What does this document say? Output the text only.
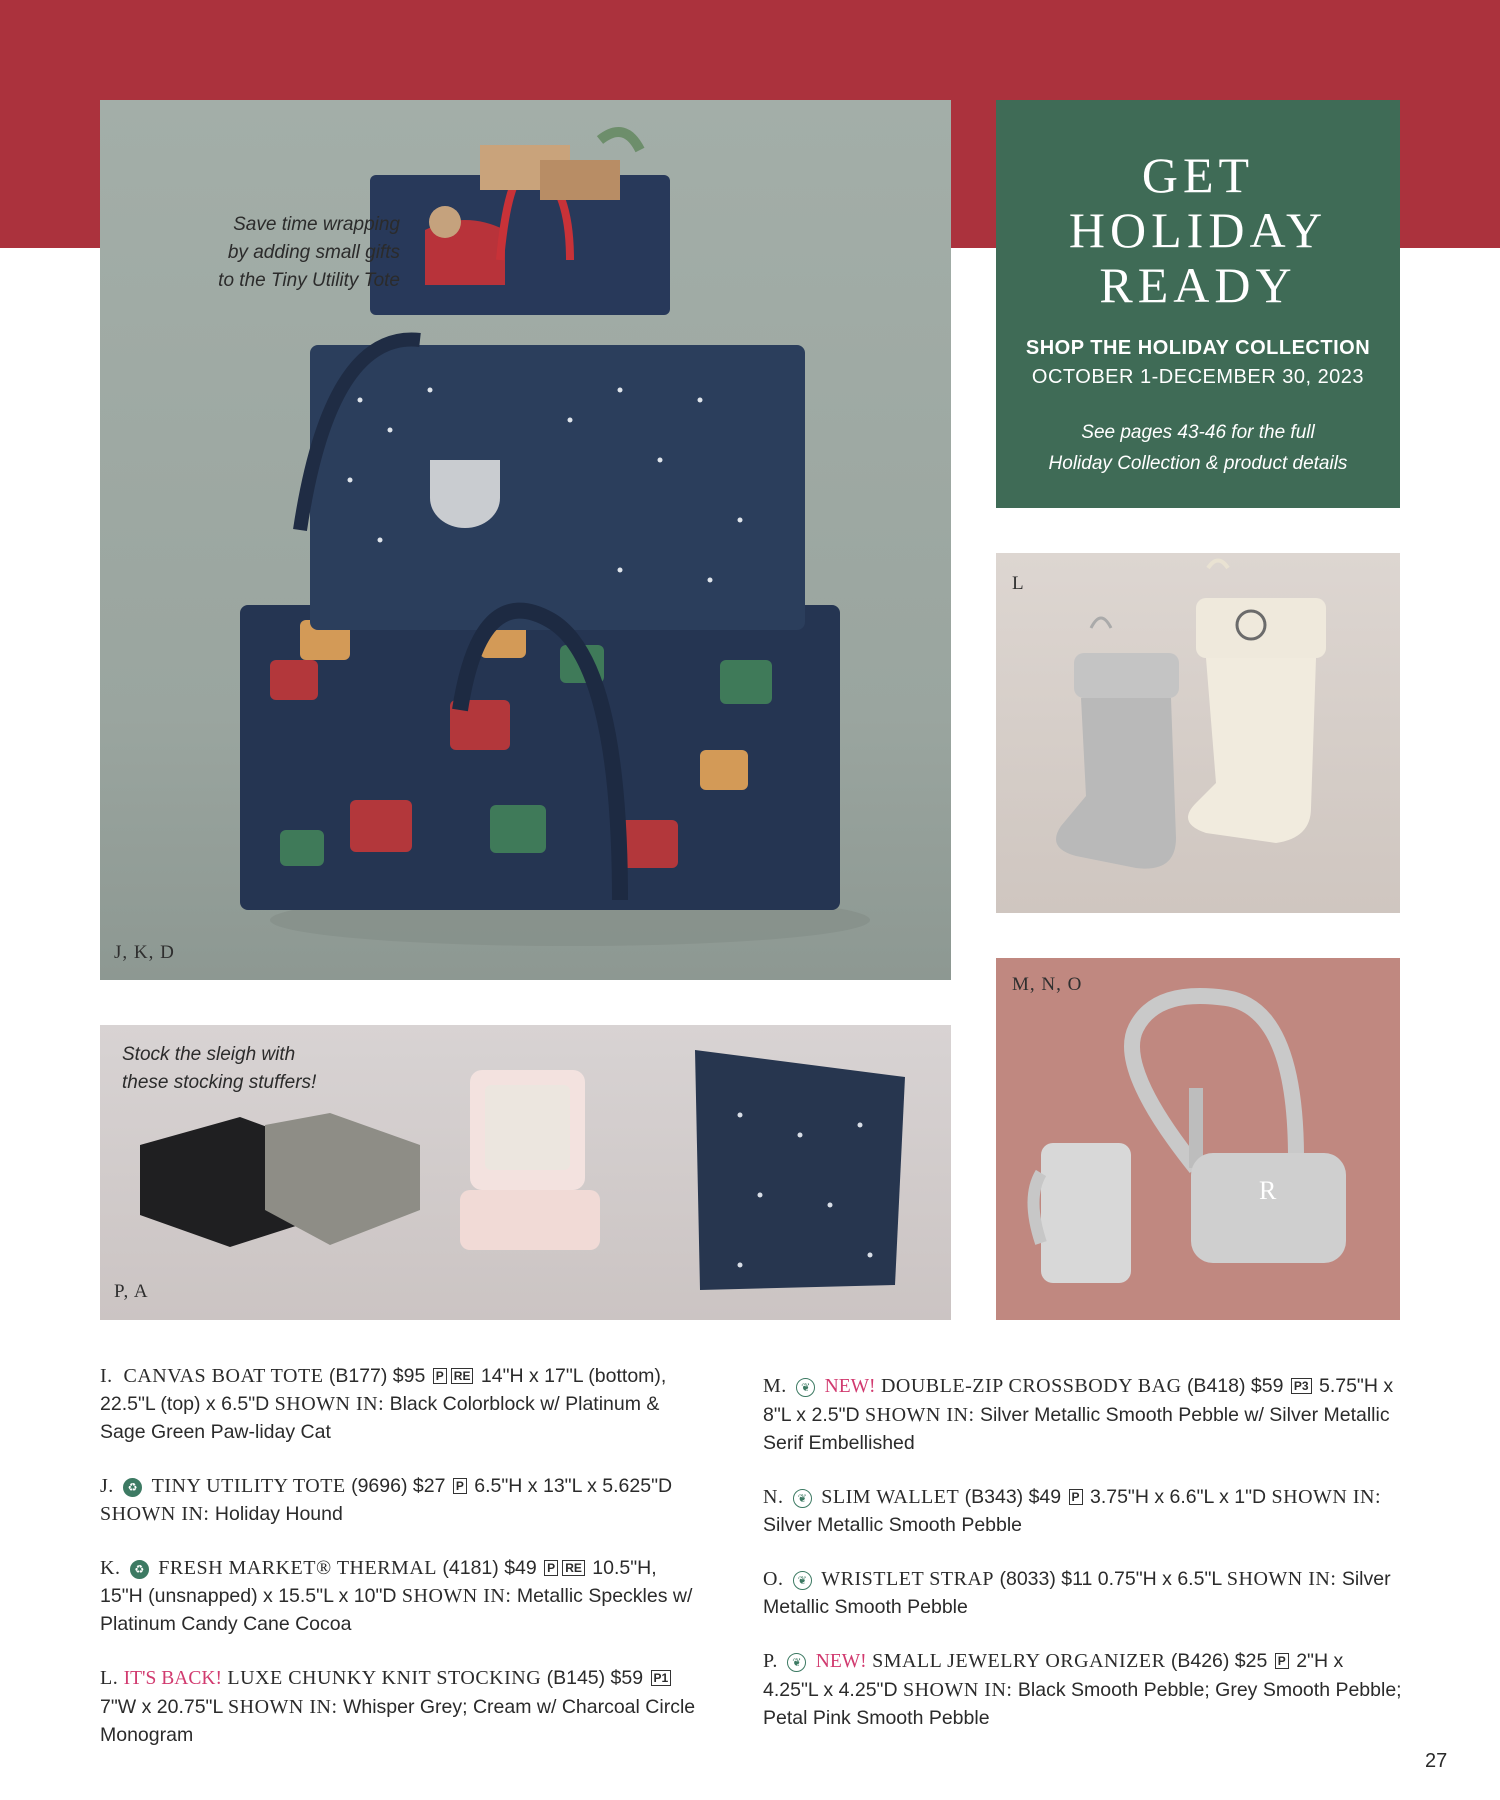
Save time wrapping
by adding small gifts
to the Tiny Utility Tote

J, K, D

GET
HOLIDAY
READY

SHOP THE HOLIDAY COLLECTION

OCTOBER 1-DECEMBER 30, 2023

See pages 43-46 for the full
Holiday Collection & product details

L

M, N, O

R

Stock the sleigh with
these stocking stuffers!

P, A

I. CANVAS BOAT TOTE (B177) $95 P RE 14"H x 17"L (bottom), 22.5"L (top) x 6.5"D SHOWN IN: Black Colorblock w/ Platinum & Sage Green Paw-liday Cat

J. ♻ TINY UTILITY TOTE (9696) $27 P 6.5"H x 13"L x 5.625"D SHOWN IN: Holiday Hound

K. ♻ FRESH MARKET® THERMAL (4181) $49 P RE 10.5"H, 15"H (unsnapped) x 15.5"L x 10"D SHOWN IN: Metallic Speckles w/ Platinum Candy Cane Cocoa

L. IT'S BACK! LUXE CHUNKY KNIT STOCKING (B145) $59 P1 7"W x 20.75"L SHOWN IN: Whisper Grey; Cream w/ Charcoal Circle Monogram

M. ❦ NEW! DOUBLE-ZIP CROSSBODY BAG (B418) $59 P3 5.75"H x 8"L x 2.5"D SHOWN IN: Silver Metallic Smooth Pebble w/ Silver Metallic Serif Embellished

N. ❦ SLIM WALLET (B343) $49 P 3.75"H x 6.6"L x 1"D SHOWN IN: Silver Metallic Smooth Pebble

O. ❦ WRISTLET STRAP (8033) $11 0.75"H x 6.5"L SHOWN IN: Silver Metallic Smooth Pebble

P. ❦ NEW! SMALL JEWELRY ORGANIZER (B426) $25 P 2"H x 4.25"L x 4.25"D SHOWN IN: Black Smooth Pebble; Grey Smooth Pebble; Petal Pink Smooth Pebble

27
